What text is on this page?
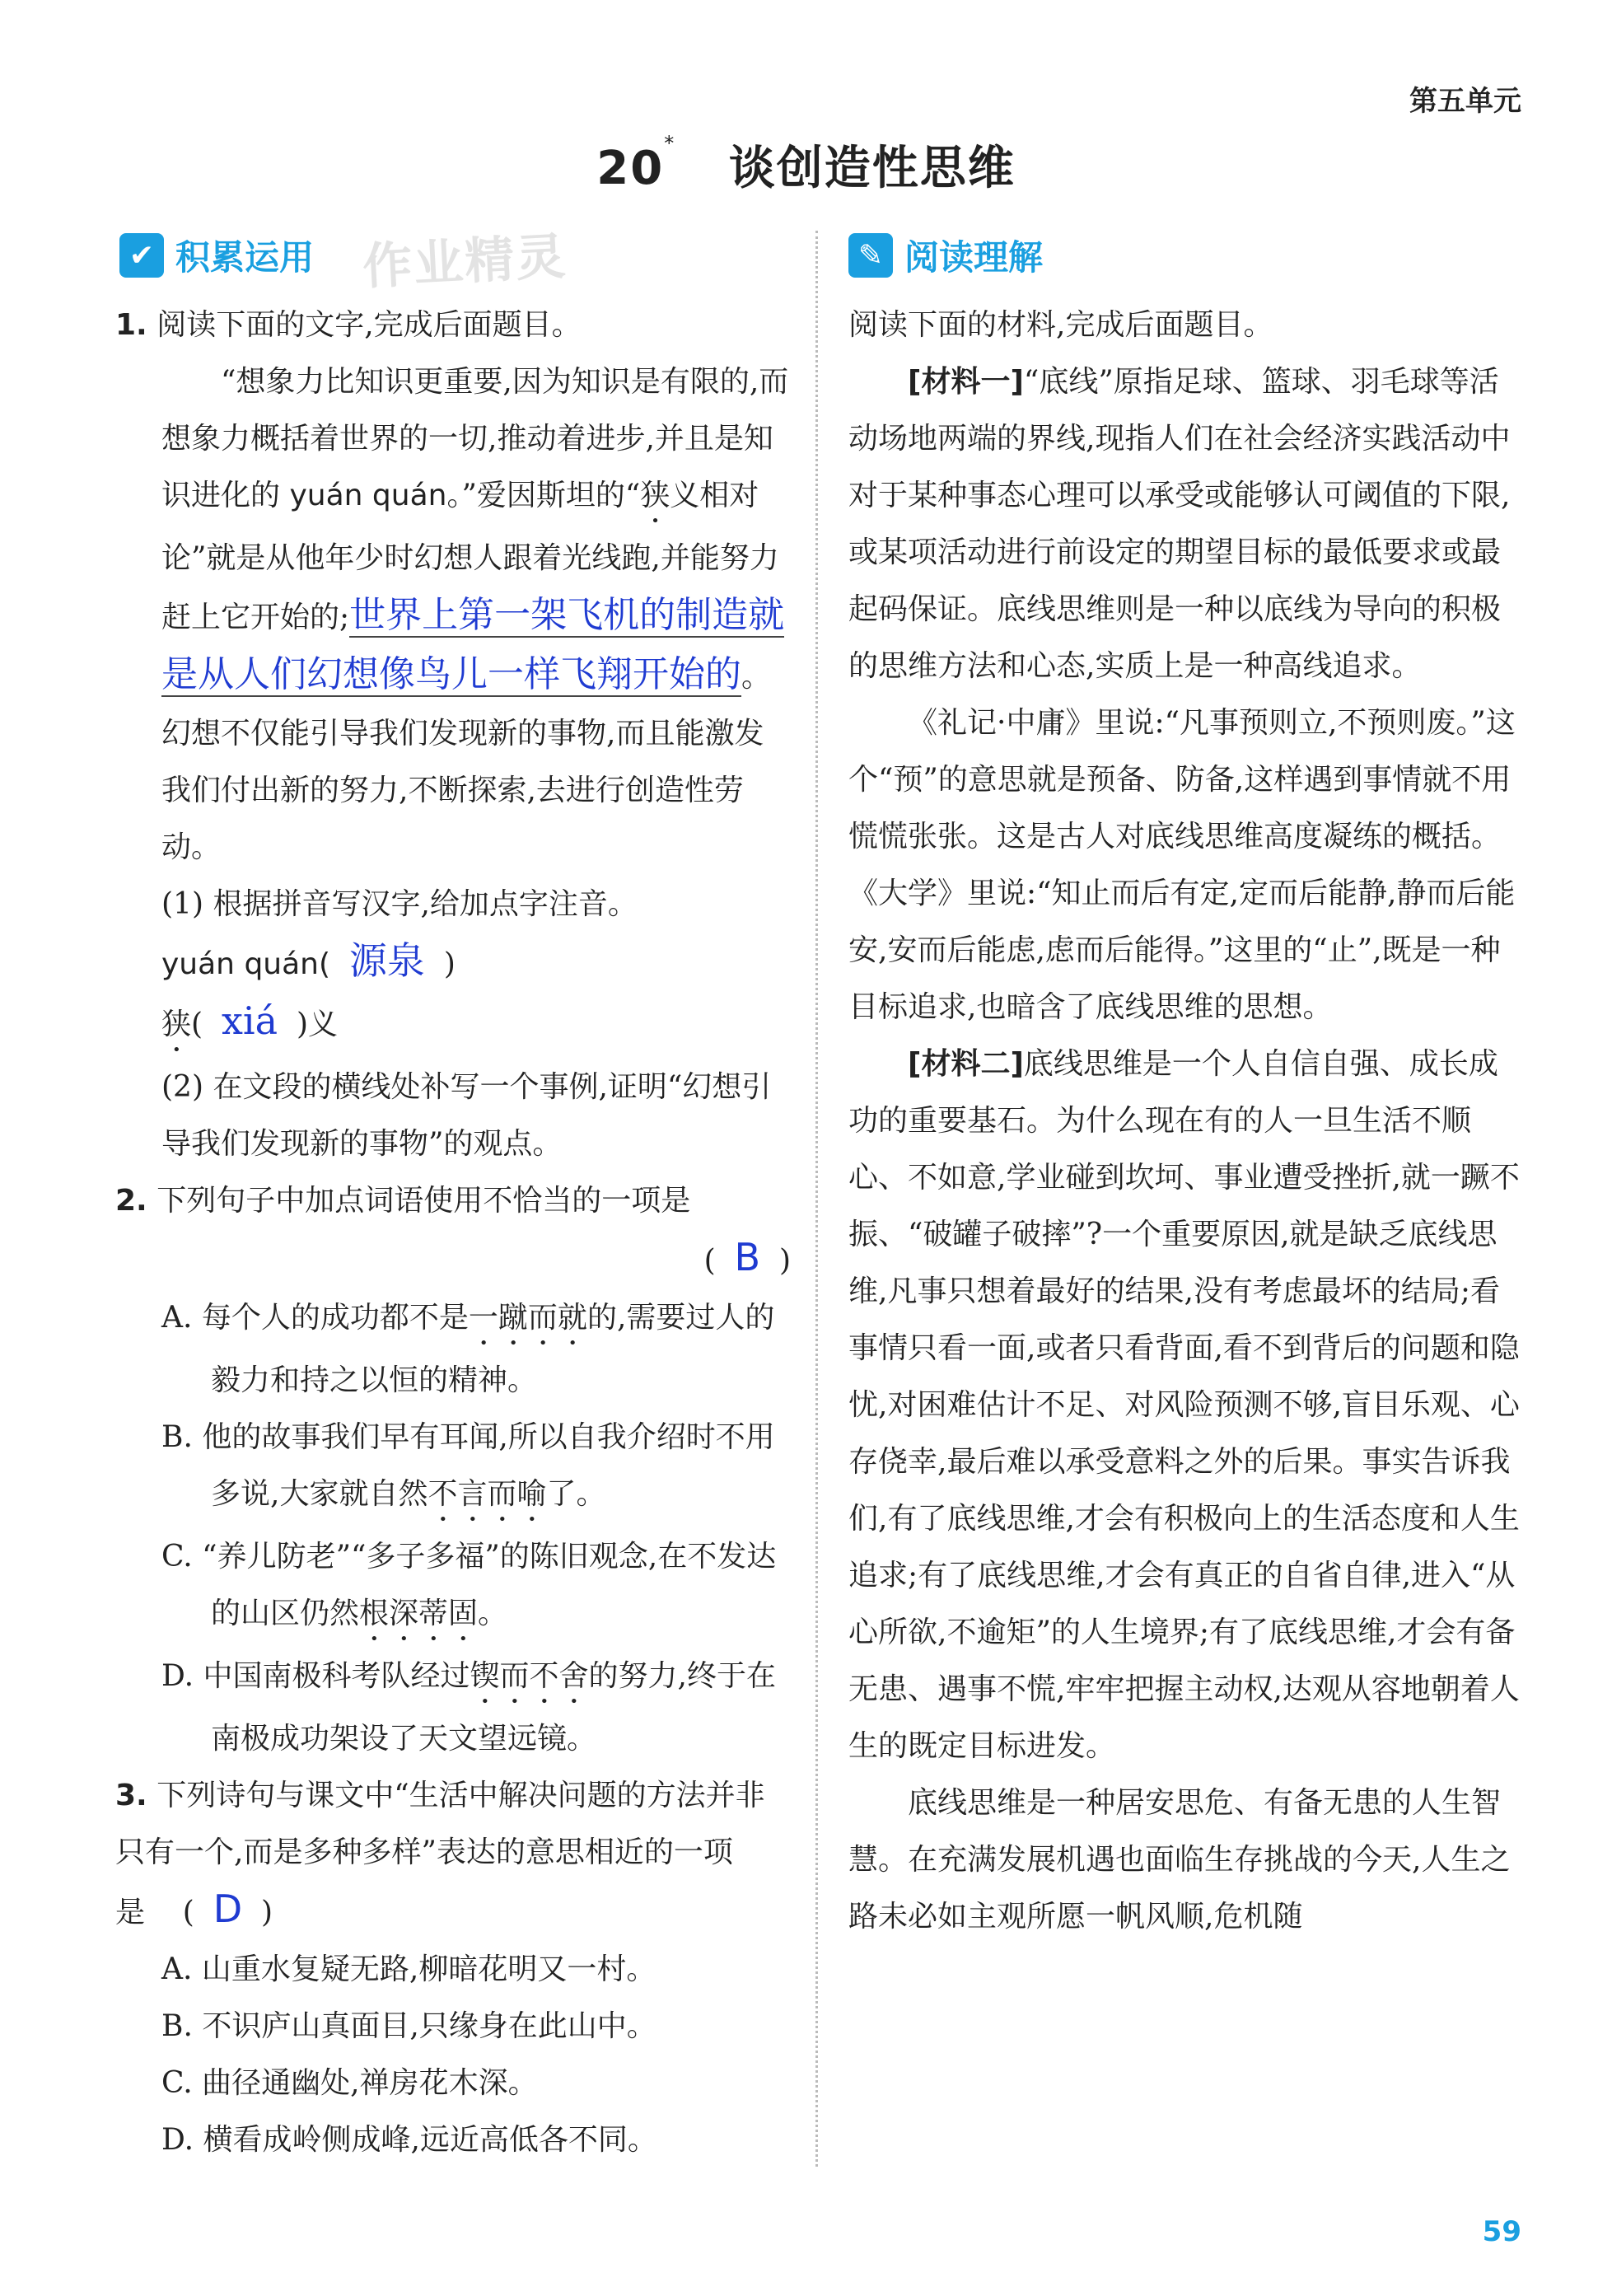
第五单元
20* 谈创造性思维
✔ 积累运用 作业精灵

1. 阅读下面的文字,完成后面题目。

“想象力比知识更重要,因为知识是有限的,而想象力概括着世界的一切,推动着进步,并且是知识进化的 yuán quán。”爱因斯坦的“狭义相对论”就是从他年少时幻想人跟着光线跑,并能努力赶上它开始的;世界上第一架飞机的制造就是从人们幻想像鸟儿一样飞翔开始的。

幻想不仅能引导我们发现新的事物,而且能激发我们付出新的努力,不断探索,去进行创造性劳动。

(1) 根据拼音写汉字,给加点字注音。

yuán quán( 源泉 )

狭( xiá )义

(2) 在文段的横线处补写一个事例,证明“幻想引导我们发现新的事物”的观点。

2. 下列句子中加点词语使用不恰当的一项是

( B )

A. 每个人的成功都不是一蹴而就的,需要过人的毅力和持之以恒的精神。

B. 他的故事我们早有耳闻,所以自我介绍时不用多说,大家就自然不言而喻了。

C. “养儿防老”“多子多福”的陈旧观念,在不发达的山区仍然根深蒂固。

D. 中国南极科考队经过锲而不舍的努力,终于在南极成功架设了天文望远镜。

3. 下列诗句与课文中“生活中解决问题的方法并非只有一个,而是多种多样”表达的意思相近的一项是 ( D )

A. 山重水复疑无路,柳暗花明又一村。

B. 不识庐山真面目,只缘身在此山中。

C. 曲径通幽处,禅房花木深。

D. 横看成岭侧成峰,远近高低各不同。

✎ 阅读理解

阅读下面的材料,完成后面题目。

[材料一]“底线”原指足球、篮球、羽毛球等活动场地两端的界线,现指人们在社会经济实践活动中对于某种事态心理可以承受或能够认可阈值的下限,或某项活动进行前设定的期望目标的最低要求或最起码保证。底线思维则是一种以底线为导向的积极的思维方法和心态,实质上是一种高线追求。

《礼记·中庸》里说:“凡事预则立,不预则废。”这个“预”的意思就是预备、防备,这样遇到事情就不用慌慌张张。这是古人对底线思维高度凝练的概括。《大学》里说:“知止而后有定,定而后能静,静而后能安,安而后能虑,虑而后能得。”这里的“止”,既是一种目标追求,也暗含了底线思维的思想。

[材料二]底线思维是一个人自信自强、成长成功的重要基石。为什么现在有的人一旦生活不顺心、不如意,学业碰到坎坷、事业遭受挫折,就一蹶不振、“破罐子破摔”?一个重要原因,就是缺乏底线思维,凡事只想着最好的结果,没有考虑最坏的结局;看事情只看一面,或者只看背面,看不到背后的问题和隐忧,对困难估计不足、对风险预测不够,盲目乐观、心存侥幸,最后难以承受意料之外的后果。事实告诉我们,有了底线思维,才会有积极向上的生活态度和人生追求;有了底线思维,才会有真正的自省自律,进入“从心所欲,不逾矩”的人生境界;有了底线思维,才会有备无患、遇事不慌,牢牢把握主动权,达观从容地朝着人生的既定目标进发。

底线思维是一种居安思危、有备无患的人生智慧。在充满发展机遇也面临生存挑战的今天,人生之路未必如主观所愿一帆风顺,危机随

59
